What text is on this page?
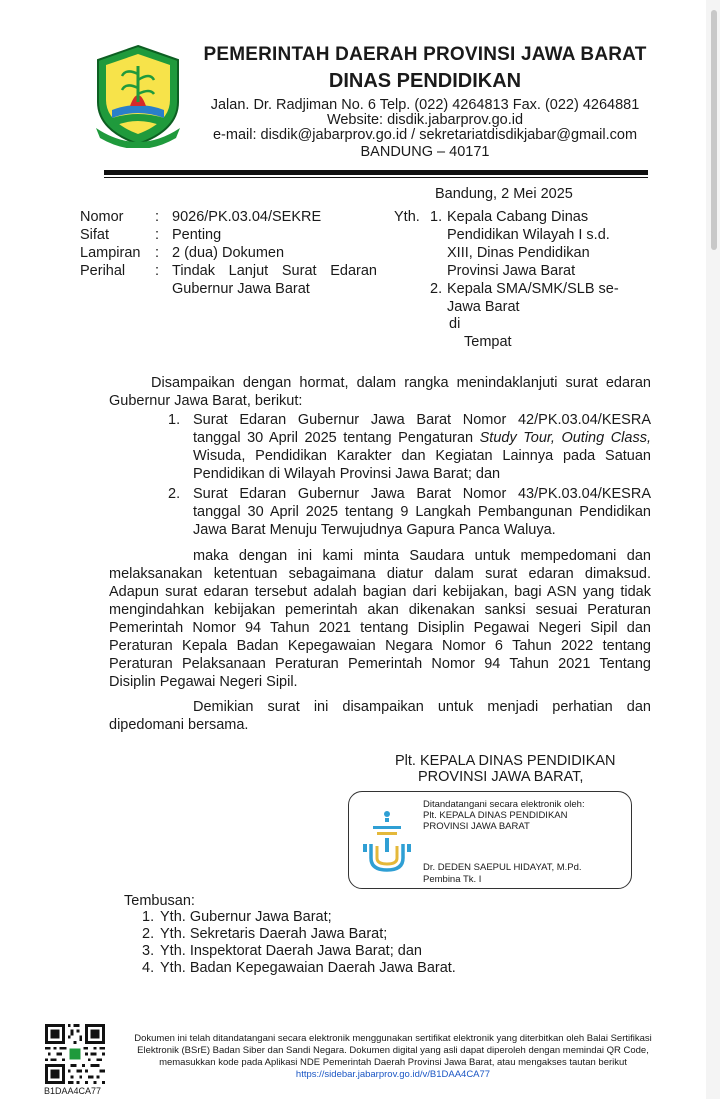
PEMERINTAH DAERAH PROVINSI JAWA BARAT
DINAS PENDIDIKAN
Jalan. Dr. Radjiman No. 6 Telp. (022) 4264813 Fax. (022) 4264881
Website: disdik.jabarprov.go.id
e-mail: disdik@jabarprov.go.id / sekretariatdisdikjabar@gmail.com
BANDUNG – 40171
Bandung, 2 Mei 2025
Nomor : 9026/PK.03.04/SEKRE
Sifat	: Penting
Lampiran : 2 (dua) Dokumen
Perihal : Tindak Lanjut Surat Edaran Gubernur Jawa Barat
Yth. 1. Kepala Cabang Dinas Pendidikan Wilayah I s.d. XIII, Dinas Pendidikan Provinsi Jawa Barat
2. Kepala SMA/SMK/SLB se-Jawa Barat
di
Tempat
Disampaikan dengan hormat, dalam rangka menindaklanjuti surat edaran Gubernur Jawa Barat, berikut:
1. Surat Edaran Gubernur Jawa Barat Nomor 42/PK.03.04/KESRA tanggal 30 April 2025 tentang Pengaturan Study Tour, Outing Class, Wisuda, Pendidikan Karakter dan Kegiatan Lainnya pada Satuan Pendidikan di Wilayah Provinsi Jawa Barat; dan
2. Surat Edaran Gubernur Jawa Barat Nomor 43/PK.03.04/KESRA tanggal 30 April 2025 tentang 9 Langkah Pembangunan Pendidikan Jawa Barat Menuju Terwujudnya Gapura Panca Waluya.
maka dengan ini kami minta Saudara untuk mempedomani dan melaksanakan ketentuan sebagaimana diatur dalam surat edaran dimaksud. Adapun surat edaran tersebut adalah bagian dari kebijakan, bagi ASN yang tidak mengindahkan kebijakan pemerintah akan dikenakan sanksi sesuai Peraturan Pemerintah Nomor 94 Tahun 2021 tentang Disiplin Pegawai Negeri Sipil dan Peraturan Kepala Badan Kepegawaian Negara Nomor 6 Tahun 2022 tentang Peraturan Pelaksanaan Peraturan Pemerintah Nomor 94 Tahun 2021 Tentang Disiplin Pegawai Negeri Sipil.
Demikian surat ini disampaikan untuk menjadi perhatian dan dipedomani bersama.
Plt. KEPALA DINAS PENDIDIKAN
PROVINSI JAWA BARAT,
Ditandatangani secara elektronik oleh:
Plt. KEPALA DINAS PENDIDIKAN
PROVINSI JAWA BARAT
Dr. DEDEN SAEPUL HIDAYAT, M.Pd.
Pembina Tk. I
Tembusan:
1. Yth. Gubernur Jawa Barat;
2. Yth. Sekretaris Daerah Jawa Barat;
3. Yth. Inspektorat Daerah Jawa Barat; dan
4. Yth. Badan Kepegawaian Daerah Jawa Barat.
B1DAA4CA77
Dokumen ini telah ditandatangani secara elektronik menggunakan sertifikat elektronik yang diterbitkan oleh Balai Sertifikasi Elektronik (BSrE) Badan Siber dan Sandi Negara. Dokumen digital yang asli dapat diperoleh dengan memindai QR Code, memasukkan kode pada Aplikasi NDE Pemerintah Daerah Provinsi Jawa Barat, atau mengakses tautan berikut
https://sidebar.jabarprov.go.id/v/B1DAA4CA77
